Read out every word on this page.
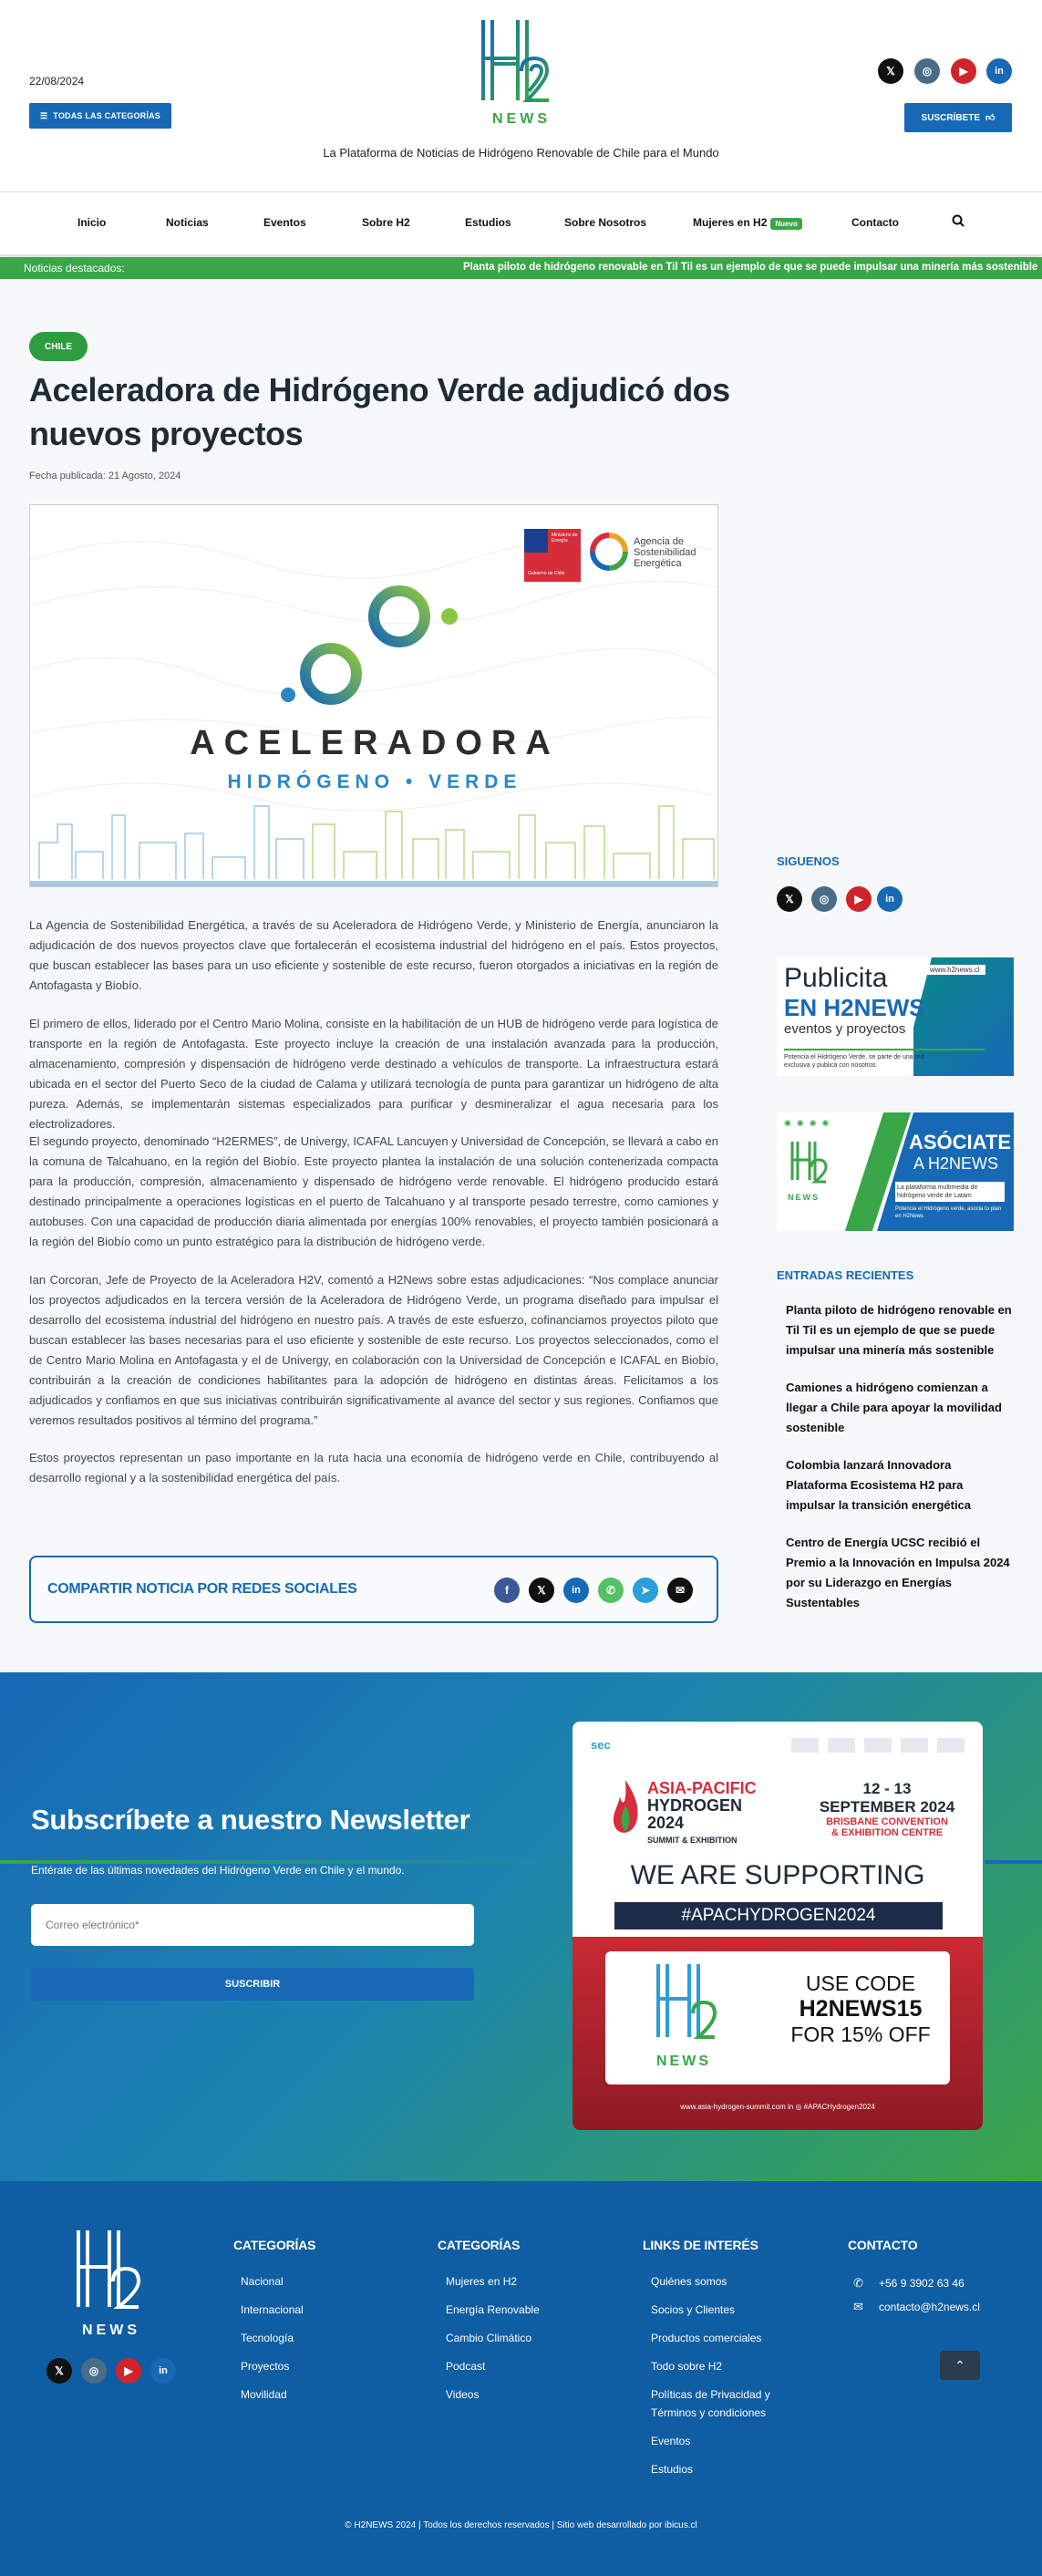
22/08/2024
☰ TODAS LAS CATEGORÍAS	NEWS
La Plataforma de Noticias de Hidrógeno Renovable de Chile para el Mundo
𝕏	◎	▶	in
SUSCRÍBETE 👍︎
Inicio	Noticias	Eventos	Sobre H2	Estudios	Sobre Nosotros	Mujeres en H2 Nuevo	Contacto
Noticias destacados:	Planta piloto de hidrógeno renovable en Til Til es un ejemplo de que se puede impulsar una minería más sostenible
CHILE
Aceleradora de Hidrógeno Verde adjudicó dos nuevos proyectos
Fecha publicada: 21 Agosto, 2024
Ministerio de Energía
Gobierno de Chile
Agencia de
Sostenibilidad
Energética
ACELERADORA
HIDRÓGENO • VERDE
La Agencia de Sostenibilidad Energética, a través de su Aceleradora de Hidrógeno Verde, y Ministerio de Energía, anunciaron la adjudicación de dos nuevos proyectos clave que fortalecerán el ecosistema industrial del hidrógeno en el país. Estos proyectos, que buscan establecer las bases para un uso eficiente y sostenible de este recurso, fueron otorgados a iniciativas en la región de Antofagasta y Biobío.
El primero de ellos, liderado por el Centro Mario Molina, consiste en la habilitación de un HUB de hidrógeno verde para logística de transporte en la región de Antofagasta. Este proyecto incluye la creación de una instalación avanzada para la producción, almacenamiento, compresión y dispensación de hidrógeno verde destinado a vehículos de transporte. La infraestructura estará ubicada en el sector del Puerto Seco de la ciudad de Calama y utilizará tecnología de punta para garantizar un hidrógeno de alta pureza. Además, se implementarán sistemas especializados para purificar y desmineralizar el agua necesaria para los electrolizadores.
El segundo proyecto, denominado “H2ERMES”, de Univergy, ICAFAL Lancuyen y Universidad de Concepción, se llevará a cabo en la comuna de Talcahuano, en la región del Biobío. Este proyecto plantea la instalación de una solución contenerizada compacta para la producción, compresión, almacenamiento y dispensado de hidrógeno verde renovable. El hidrógeno producido estará destinado principalmente a operaciones logísticas en el puerto de Talcahuano y al transporte pesado terrestre, como camiones y autobuses. Con una capacidad de producción diaria alimentada por energías 100% renovables, el proyecto también posicionará a la región del Biobío como un punto estratégico para la distribución de hidrógeno verde.
Ian Corcoran, Jefe de Proyecto de la Aceleradora H2V, comentó a H2News sobre estas adjudicaciones: “Nos complace anunciar los proyectos adjudicados en la tercera versión de la Aceleradora de Hidrógeno Verde, un programa diseñado para impulsar el desarrollo del ecosistema industrial del hidrógeno en nuestro país. A través de este esfuerzo, cofinanciamos proyectos piloto que buscan establecer las bases necesarias para el uso eficiente y sostenible de este recurso. Los proyectos seleccionados, como el de Centro Mario Molina en Antofagasta y el de Univergy, en colaboración con la Universidad de Concepción e ICAFAL en Biobío, contribuirán a la creación de condiciones habilitantes para la adopción de hidrógeno en distintas áreas. Felicitamos a los adjudicados y confiamos en que sus iniciativas contribuirán significativamente al avance del sector y sus regiones. Confiamos que veremos resultados positivos al término del programa.”
Estos proyectos representan un paso importante en la ruta hacia una economía de hidrógeno verde en Chile, contribuyendo al desarrollo regional y a la sostenibilidad energética del país.
COMPARTIR NOTICIA POR REDES SOCIALES	f	𝕏	in	✆	➤	✉
SIGUENOS
𝕏	◎	▶	in
www.h2news.cl
Publicita
EN H2NEWS
eventos y proyectos
Potencia el Hidrógeno Verde, se parte de una red exclusiva y publica con nosotros.
◉◉◉◉
NEWS
ASÓCIATE
A H2NEWS
La plataforma multimedia de hidrógeno verde de Latam
Potencia el Hidrógeno verde, asocia tu plan en H2News
ENTRADAS RECIENTES
Planta piloto de hidrógeno renovable en Til Til es un ejemplo de que se puede impulsar una minería más sostenible
Camiones a hidrógeno comienzan a llegar a Chile para apoyar la movilidad sostenible
Colombia lanzará Innovadora Plataforma Ecosistema H2 para impulsar la transición energética
Centro de Energía UCSC recibió el Premio a la Innovación en Impulsa 2024 por su Liderazgo en Energías Sustentables
Subscríbete a nuestro Newsletter
Entérate de las últimas novedades del Hidrógeno Verde en Chile y el mundo.
Correo electrónico*
SUSCRIBIR
sec
ASIA-PACIFIC
HYDROGEN
2024
SUMMIT & EXHIBITION
12 - 13
SEPTEMBER 2024
BRISBANE CONVENTION
& EXHIBITION CENTRE
WE ARE SUPPORTING
#APACHYDROGEN2024
NEWS
USE CODE
H2NEWS15
FOR 15% OFF
www.asia-hydrogen-summit.com in ◎ #APACHydrogen2024
NEWS
𝕏	◎	▶	in
CATEGORÍAS
Nacional
Internacional
Tecnología
Proyectos
Movilidad
CATEGORÍAS
Mujeres en H2
Energía Renovable
Cambio Climático
Podcast
Videos
LINKS DE INTERÉS
Quiénes somos
Socios y Clientes
Productos comerciales
Todo sobre H2
Políticas de Privacidad y Términos y condiciones
Eventos
Estudios
CONTACTO
✆ +56 9 3902 63 46
✉ contacto@h2news.cl
⌃
© H2NEWS 2024 | Todos los derechos reservados | Sitio web desarrollado por ibicus.cl
